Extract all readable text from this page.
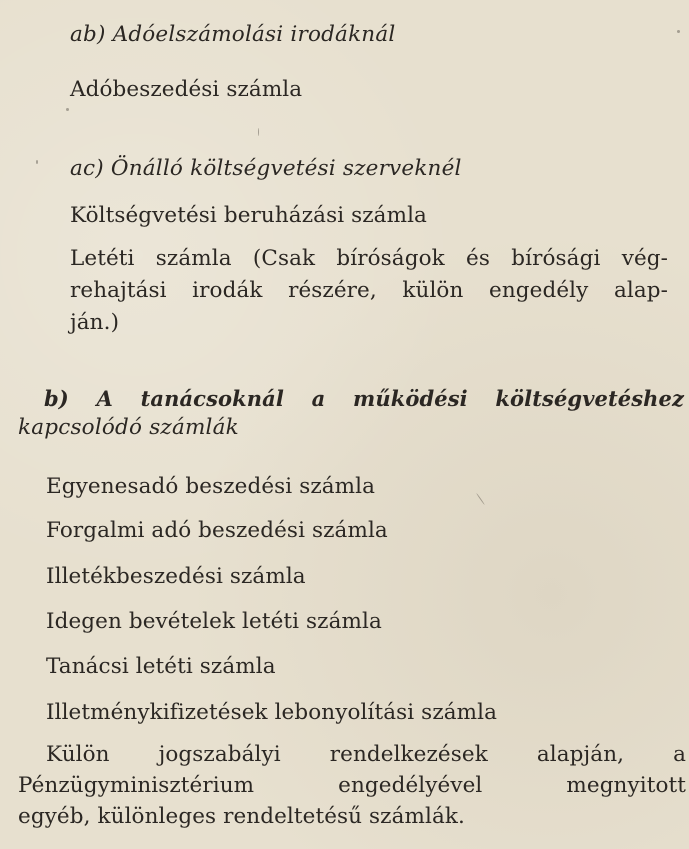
ab) Adóelszámolási irodáknál
Adóbeszedési számla
ac) Önálló költségvetési szerveknél
Költségvetési beruházási számla
Letéti számla (Csak bíróságok és bírósági vég-
rehajtási irodák részére, külön engedély alap-
ján.)
b) A tanácsoknál a működési költségvetéshez
kapcsolódó számlák
Egyenesadó beszedési számla
Forgalmi adó beszedési számla
Illetékbeszedési számla
Idegen bevételek letéti számla
Tanácsi letéti számla
Illetménykifizetések lebonyolítási számla
Külön jogszabályi rendelkezések alapján, a
Pénzügyminisztérium engedélyével megnyitott
egyéb, különleges rendeltetésű számlák.
